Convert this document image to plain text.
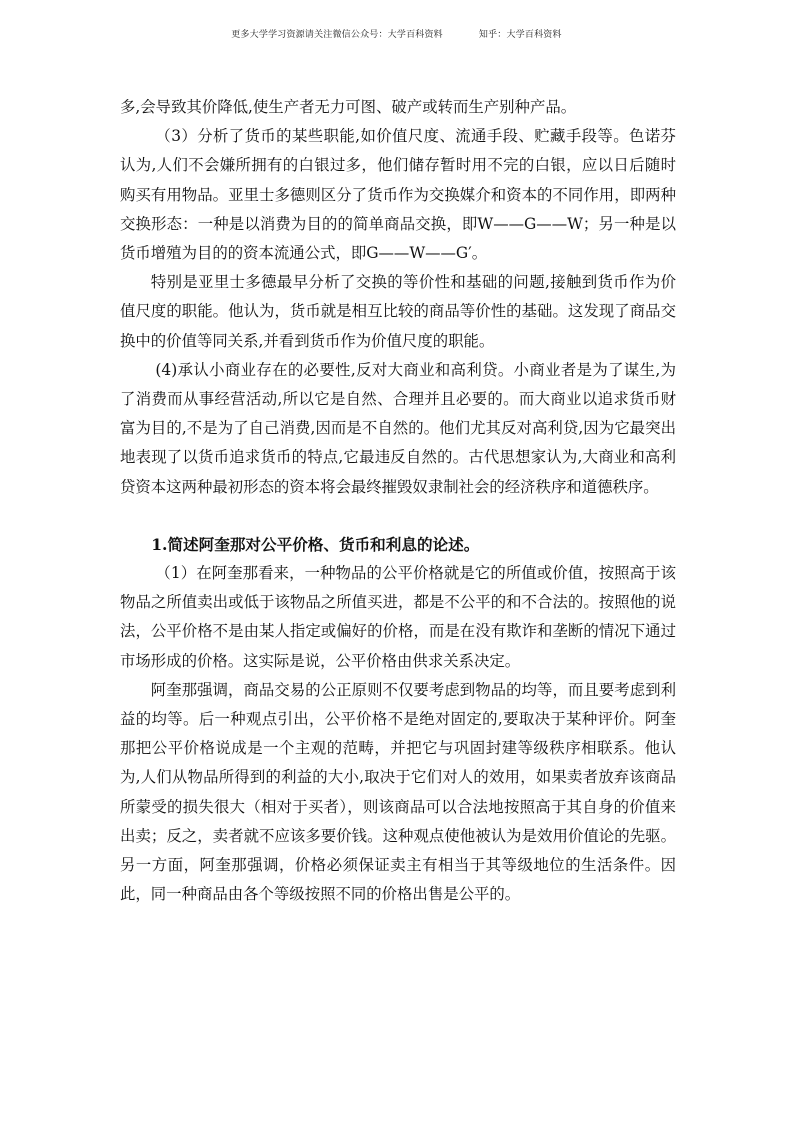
更多大学学习资源请关注微信公众号：大学百科资料	知乎：大学百科资料

多,会导致其价降低,使生产者无力可图、破产或转而生产别种产品。

（3）分析了货币的某些职能,如价值尺度、流通手段、贮藏手段等。色诺芬认为,人们不会嫌所拥有的白银过多，他们储存暂时用不完的白银，应以日后随时购买有用物品。亚里士多德则区分了货币作为交换媒介和资本的不同作用，即两种交换形态：一种是以消费为目的的简单商品交换，即W——G——W；另一种是以货币增殖为目的的资本流通公式，即G——W——G′。

特别是亚里士多德最早分析了交换的等价性和基础的问题,接触到货币作为价值尺度的职能。他认为，货币就是相互比较的商品等价性的基础。这发现了商品交换中的价值等同关系,并看到货币作为价值尺度的职能。

(4)承认小商业存在的必要性,反对大商业和高利贷。小商业者是为了谋生,为了消费而从事经营活动,所以它是自然、合理并且必要的。而大商业以追求货币财富为目的,不是为了自己消费,因而是不自然的。他们尤其反对高利贷,因为它最突出地表现了以货币追求货币的特点,它最违反自然的。古代思想家认为,大商业和高利贷资本这两种最初形态的资本将会最终摧毁奴隶制社会的经济秩序和道德秩序。

1.简述阿奎那对公平价格、货币和利息的论述。

（1）在阿奎那看来，一种物品的公平价格就是它的所值或价值，按照高于该物品之所值卖出或低于该物品之所值买进，都是不公平的和不合法的。按照他的说法，公平价格不是由某人指定或偏好的价格，而是在没有欺诈和垄断的情况下通过市场形成的价格。这实际是说，公平价格由供求关系决定。

阿奎那强调，商品交易的公正原则不仅要考虑到物品的均等，而且要考虑到利益的均等。后一种观点引出，公平价格不是绝对固定的,要取决于某种评价。阿奎那把公平价格说成是一个主观的范畴，并把它与巩固封建等级秩序相联系。他认为,人们从物品所得到的利益的大小,取决于它们对人的效用，如果卖者放弃该商品所蒙受的损失很大（相对于买者），则该商品可以合法地按照高于其自身的价值来出卖；反之，卖者就不应该多要价钱。这种观点使他被认为是效用价值论的先驱。另一方面，阿奎那强调，价格必须保证卖主有相当于其等级地位的生活条件。因此，同一种商品由各个等级按照不同的价格出售是公平的。
